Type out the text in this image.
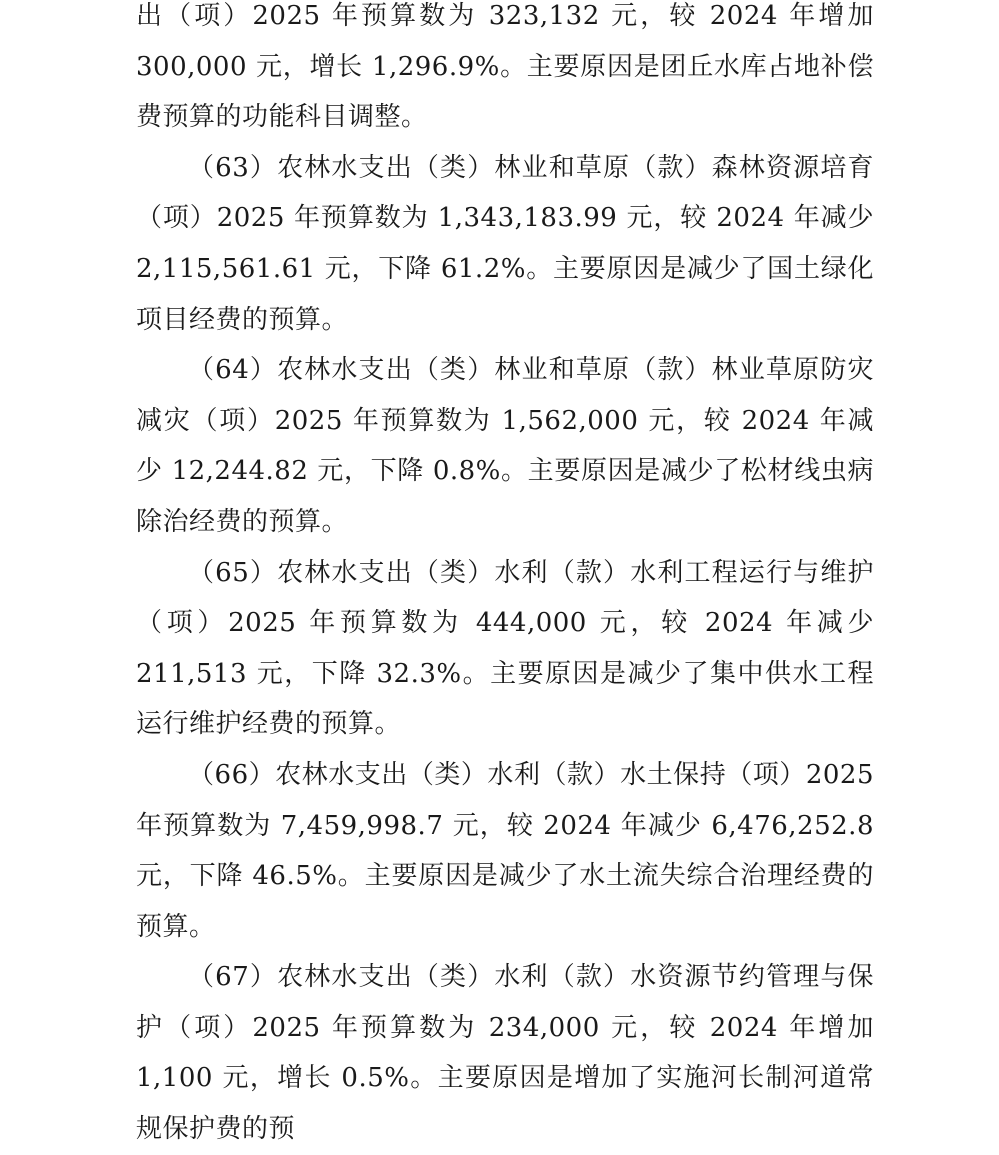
出（项）2025 年预算数为 323,132 元，较 2024 年增加 300,000 元，增长 1,296.9%。主要原因是团丘水库占地补偿费预算的功能科目调整。

（63）农林水支出（类）林业和草原（款）森林资源培育（项）2025 年预算数为 1,343,183.99 元，较 2024 年减少 2,115,561.61 元，下降 61.2%。主要原因是减少了国土绿化项目经费的预算。

（64）农林水支出（类）林业和草原（款）林业草原防灾减灾（项）2025 年预算数为 1,562,000 元，较 2024 年减少 12,244.82 元，下降 0.8%。主要原因是减少了松材线虫病除治经费的预算。

（65）农林水支出（类）水利（款）水利工程运行与维护（项）2025 年预算数为 444,000 元，较 2024 年减少 211,513 元，下降 32.3%。主要原因是减少了集中供水工程运行维护经费的预算。

（66）农林水支出（类）水利（款）水土保持（项）2025 年预算数为 7,459,998.7 元，较 2024 年减少 6,476,252.8 元，下降 46.5%。主要原因是减少了水土流失综合治理经费的预算。

（67）农林水支出（类）水利（款）水资源节约管理与保护（项）2025 年预算数为 234,000 元，较 2024 年增加 1,100 元，增长 0.5%。主要原因是增加了实施河长制河道常规保护费的预
